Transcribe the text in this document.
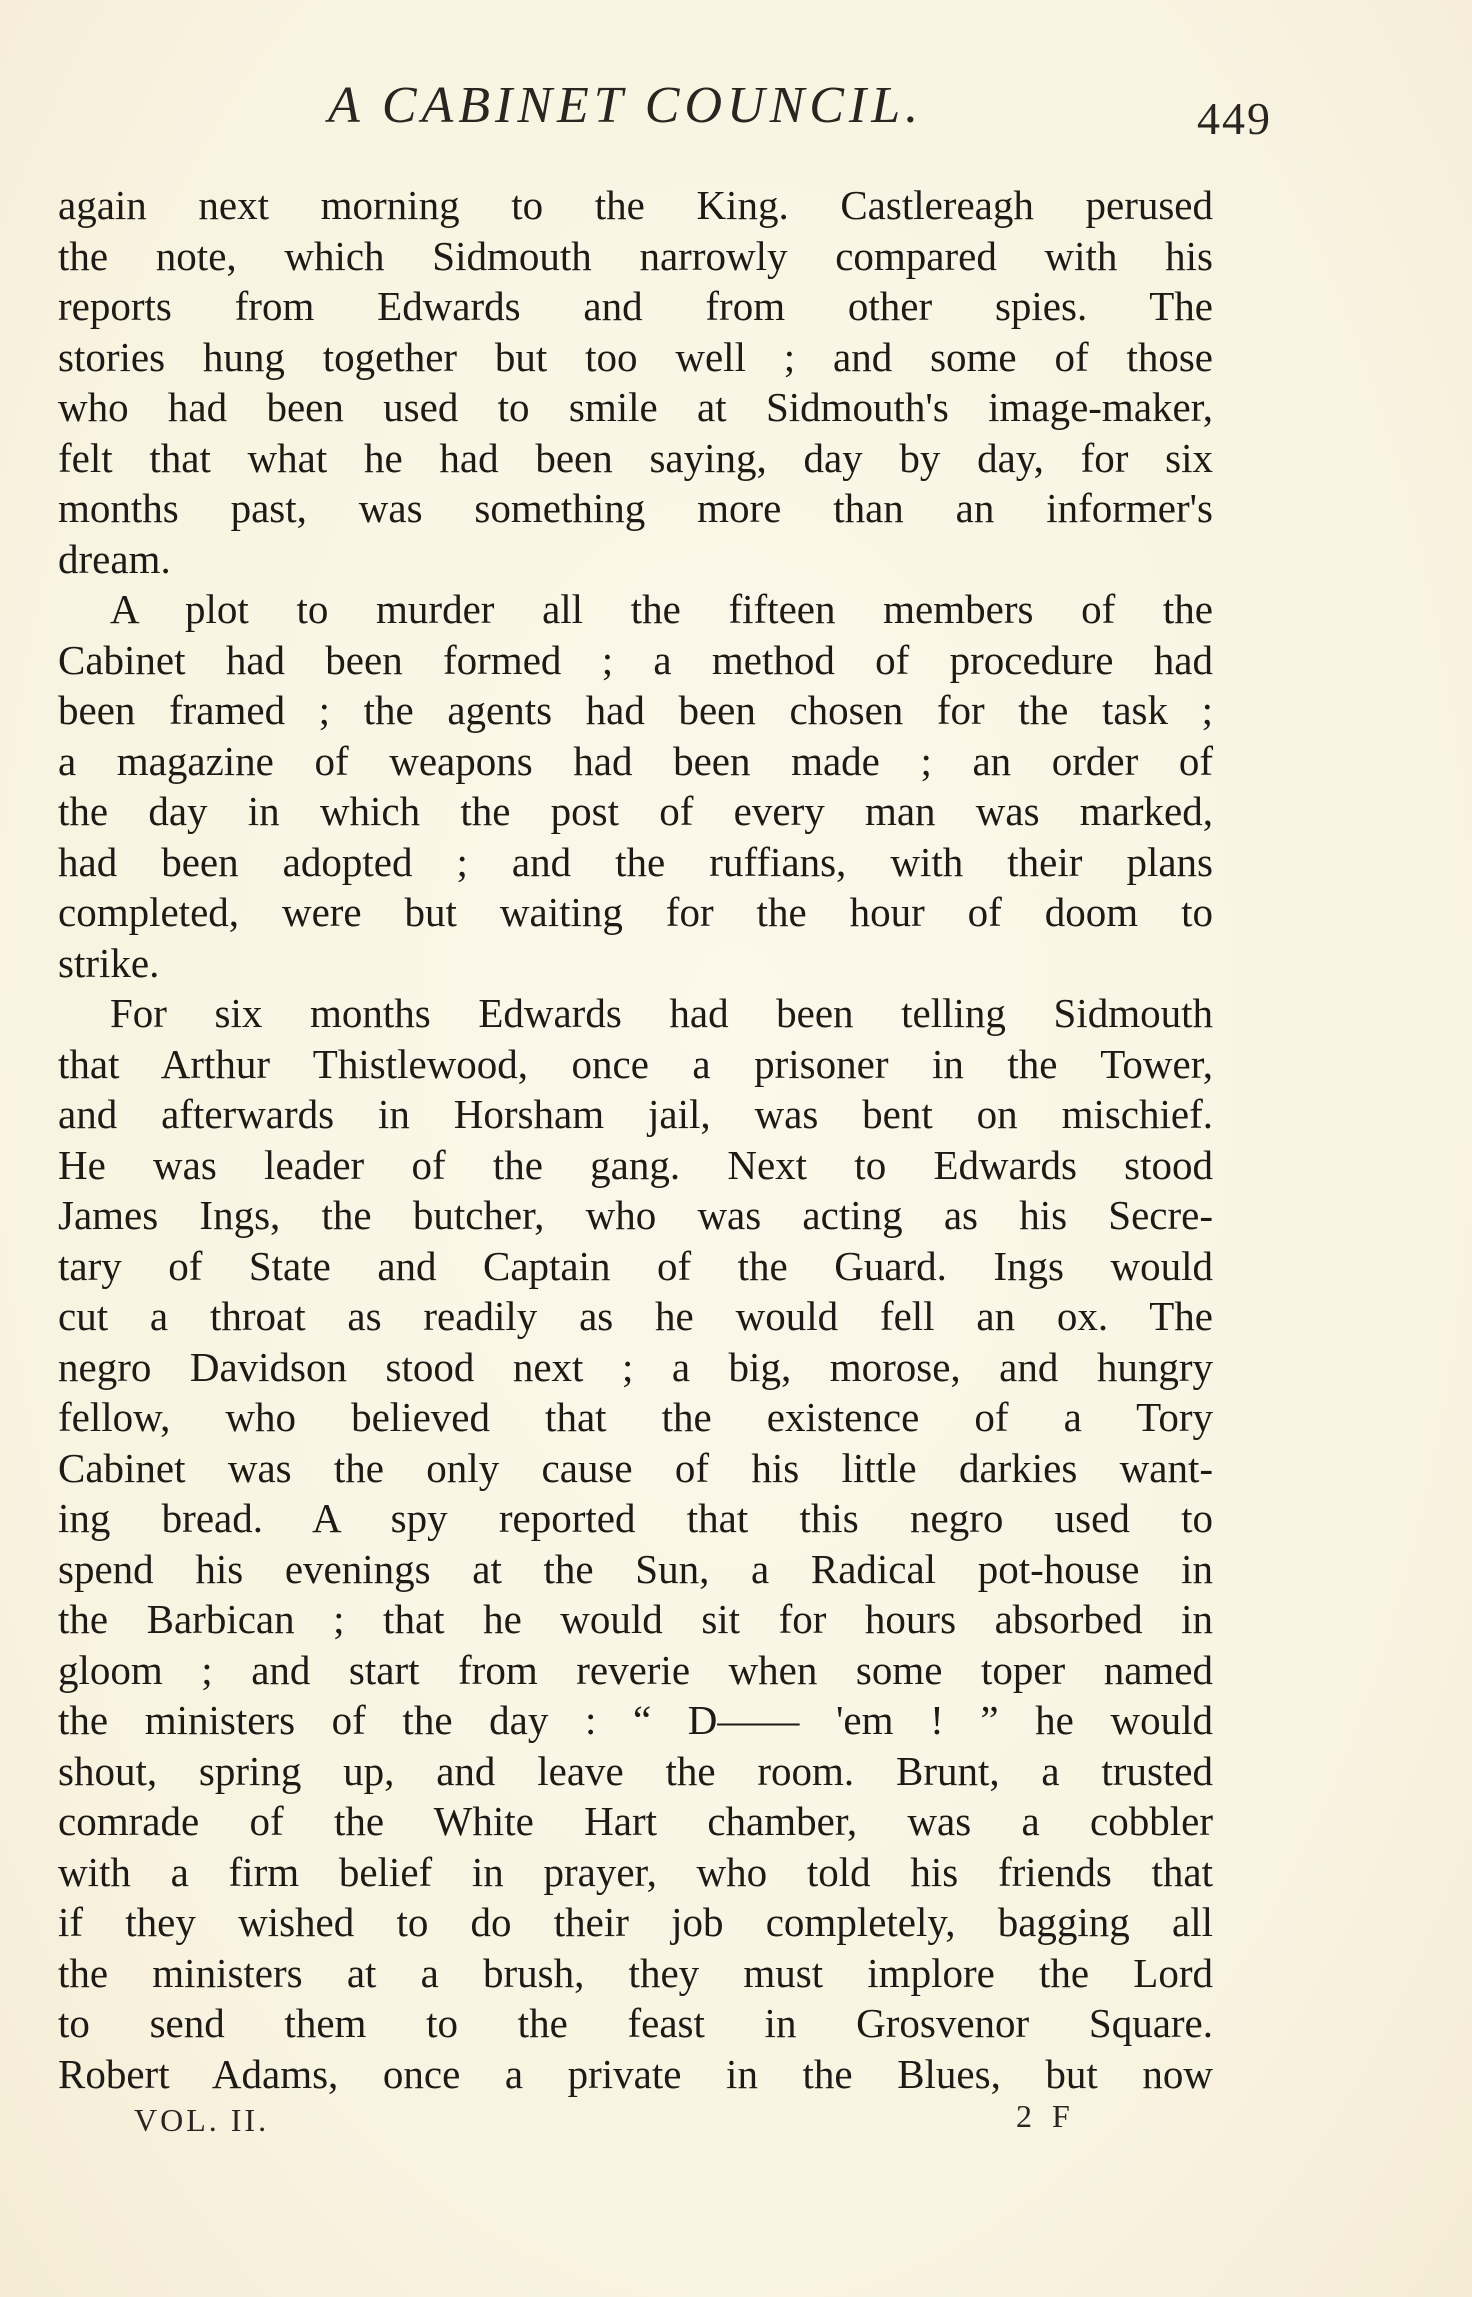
A CABINET COUNCIL.	449
again next morning to the King. Castlereagh perused
the note, which Sidmouth narrowly compared with his
reports from Edwards and from other spies. The
stories hung together but too well ; and some of those
who had been used to smile at Sidmouth's image-maker,
felt that what he had been saying, day by day, for six
months past, was something more than an informer's
dream.
A plot to murder all the fifteen members of the
Cabinet had been formed ; a method of procedure had
been framed ; the agents had been chosen for the task ;
a magazine of weapons had been made ; an order of
the day in which the post of every man was marked,
had been adopted ; and the ruffians, with their plans
completed, were but waiting for the hour of doom to
strike.
For six months Edwards had been telling Sidmouth
that Arthur Thistlewood, once a prisoner in the Tower,
and afterwards in Horsham jail, was bent on mischief.
He was leader of the gang. Next to Edwards stood
James Ings, the butcher, who was acting as his Secre-
tary of State and Captain of the Guard. Ings would
cut a throat as readily as he would fell an ox. The
negro Davidson stood next ; a big, morose, and hungry
fellow, who believed that the existence of a Tory
Cabinet was the only cause of his little darkies want-
ing bread. A spy reported that this negro used to
spend his evenings at the Sun, a Radical pot-house in
the Barbican ; that he would sit for hours absorbed in
gloom ; and start from reverie when some toper named
the ministers of the day : “ D—— 'em ! ” he would
shout, spring up, and leave the room. Brunt, a trusted
comrade of the White Hart chamber, was a cobbler
with a firm belief in prayer, who told his friends that
if they wished to do their job completely, bagging all
the ministers at a brush, they must implore the Lord
to send them to the feast in Grosvenor Square.
Robert Adams, once a private in the Blues, but now
VOL. II.	2 F
